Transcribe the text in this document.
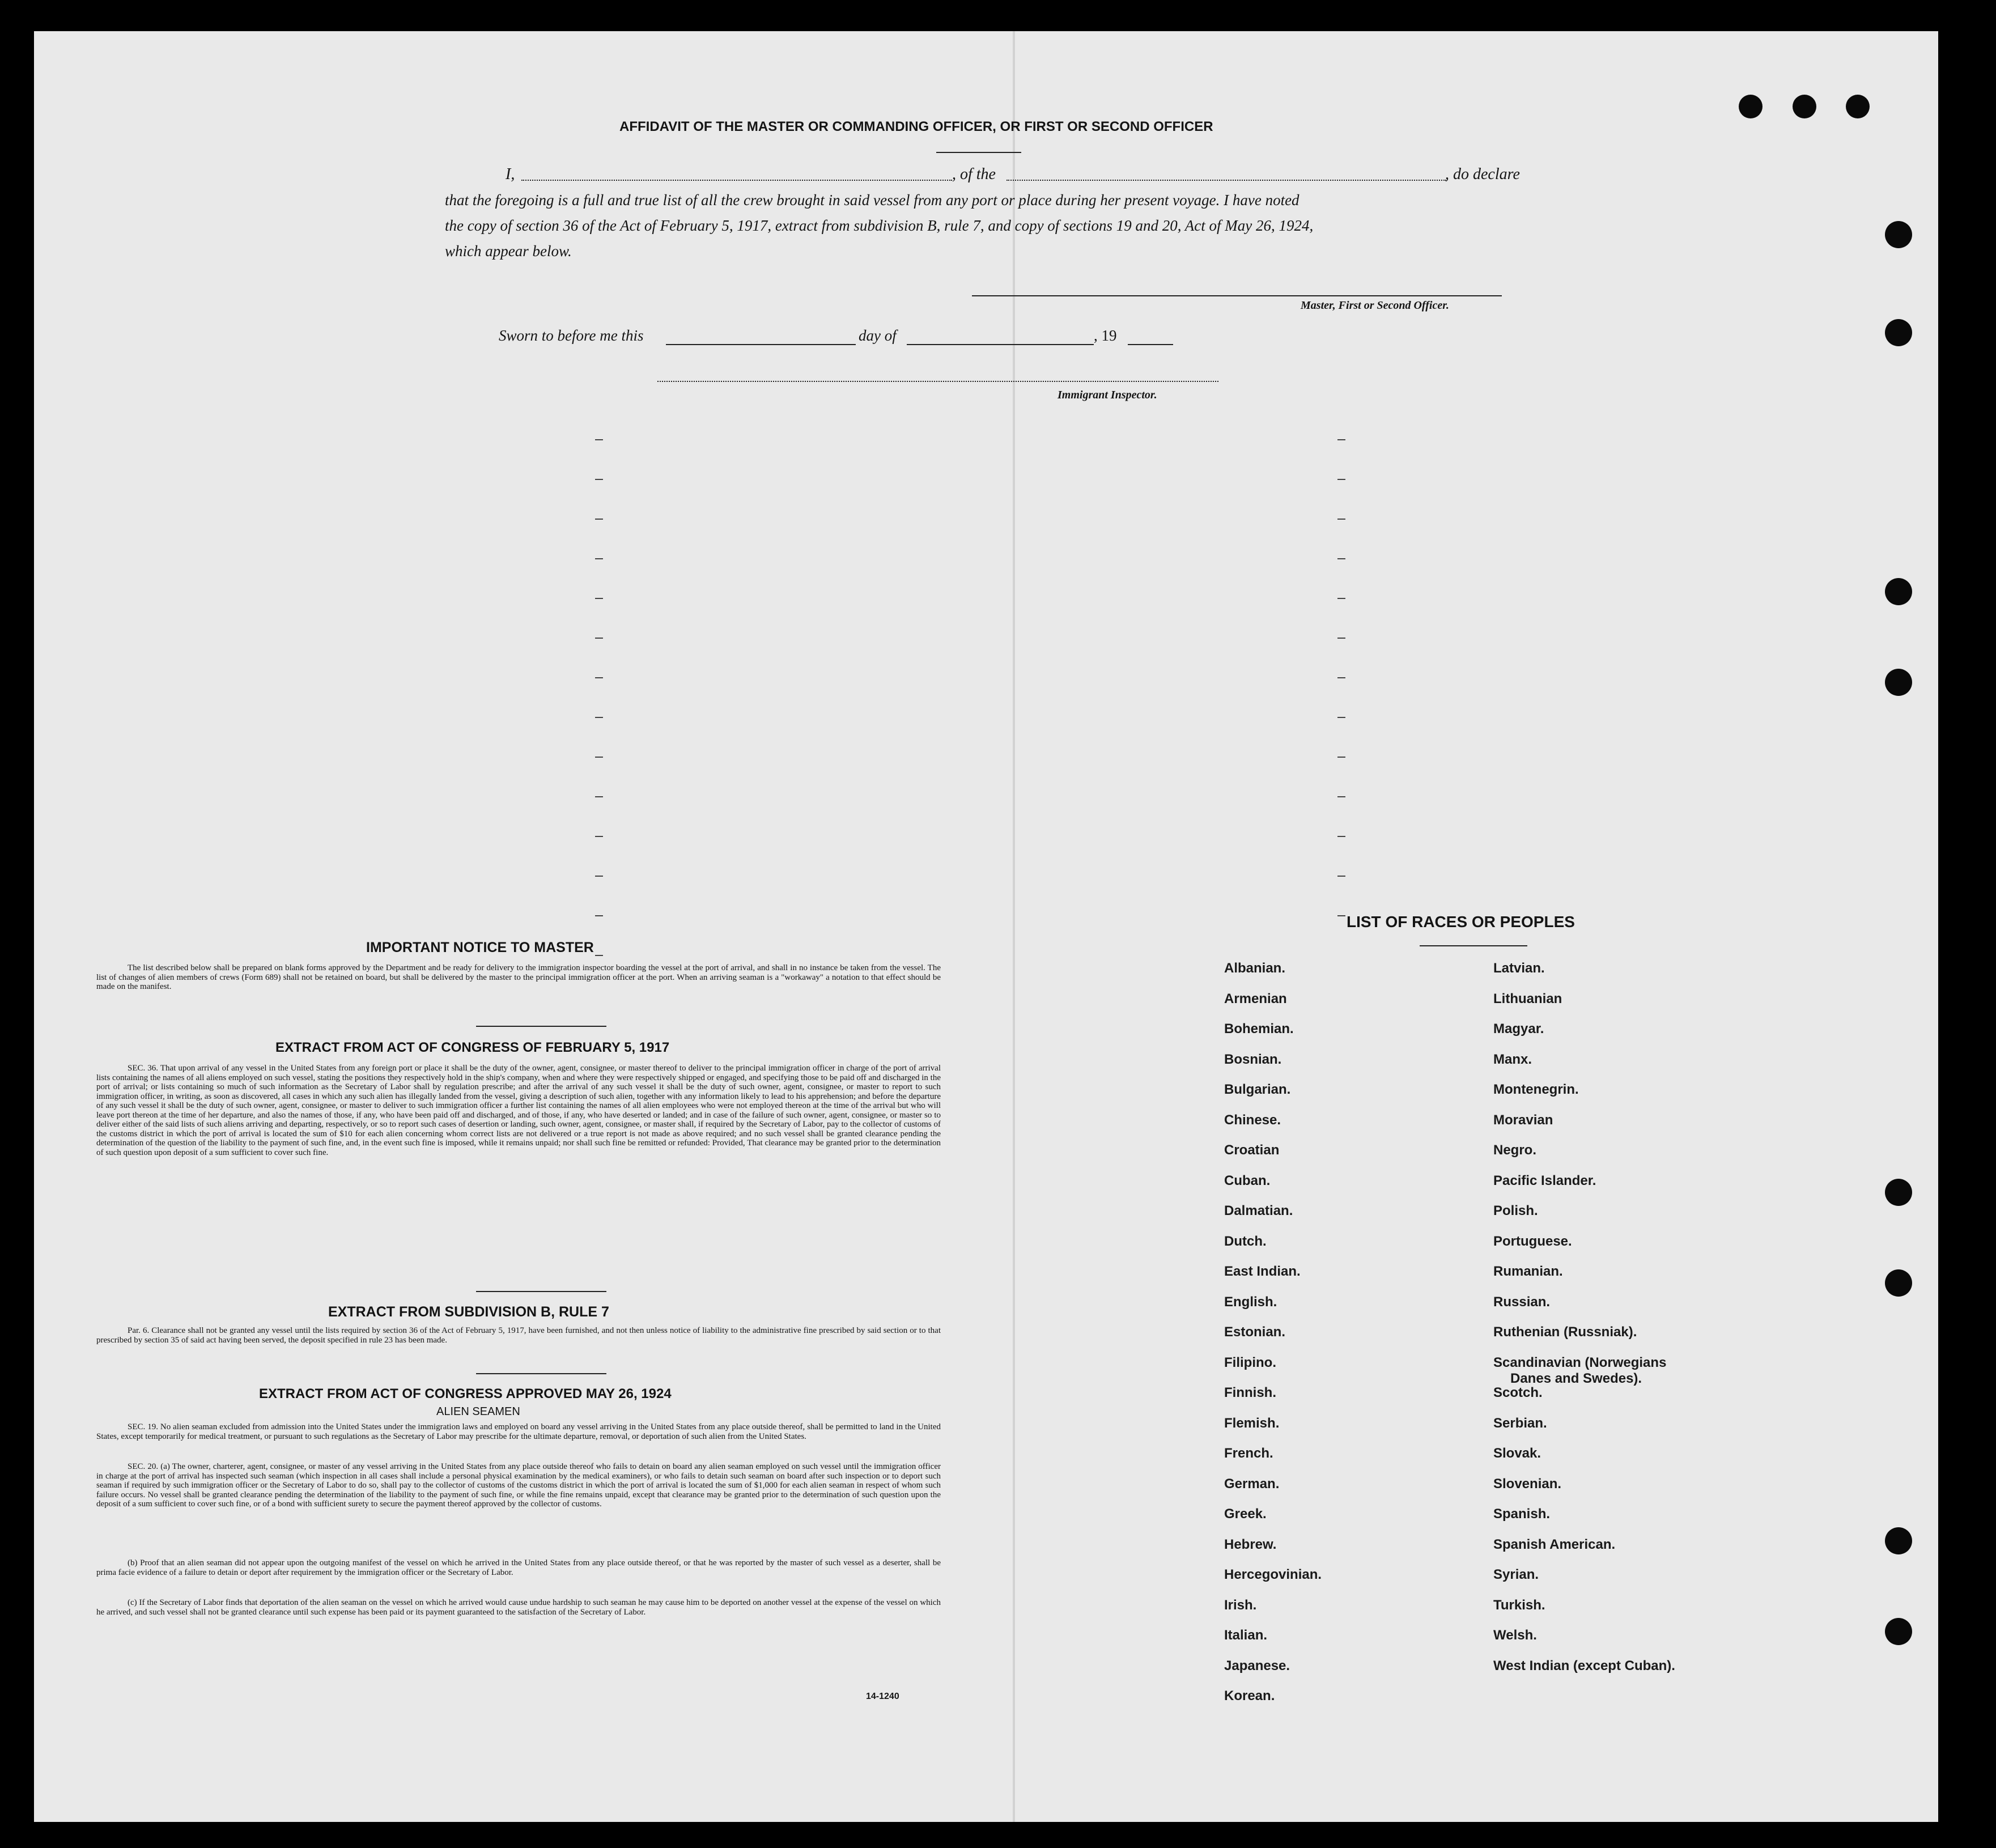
AFFIDAVIT OF THE MASTER OR COMMANDING OFFICER, OR FIRST OR SECOND OFFICER
I,	, of the	, do declare
that the foregoing is a full and true list of all the crew brought in said vessel from any port or place during her present voyage. I have noted
the copy of section 36 of the Act of February 5, 1917, extract from subdivision B, rule 7, and copy of sections 19 and 20, Act of May 26, 1924,
which appear below.
Master, First or Second Officer.
Sworn to before me this	day of	, 19
Immigrant Inspector.
IMPORTANT NOTICE TO MASTER
The list described below shall be prepared on blank forms approved by the Department and be ready for delivery to the immigration inspector boarding the vessel at the port of arrival, and shall in no instance be taken from the vessel. The list of changes of alien members of crews (Form 689) shall not be retained on board, but shall be delivered by the master to the principal immigration officer at the port. When an arriving seaman is a "workaway" a notation to that effect should be made on the manifest.
EXTRACT FROM ACT OF CONGRESS OF FEBRUARY 5, 1917
SEC. 36. That upon arrival of any vessel in the United States from any foreign port or place it shall be the duty of the owner, agent, consignee, or master thereof to deliver to the principal immigration officer in charge of the port of arrival lists containing the names of all aliens employed on such vessel, stating the positions they respectively hold in the ship's company, when and where they were respectively shipped or engaged, and specifying those to be paid off and discharged in the port of arrival; or lists containing so much of such information as the Secretary of Labor shall by regulation prescribe; and after the arrival of any such vessel it shall be the duty of such owner, agent, consignee, or master to report to such immigration officer, in writing, as soon as discovered, all cases in which any such alien has illegally landed from the vessel, giving a description of such alien, together with any information likely to lead to his apprehension; and before the departure of any such vessel it shall be the duty of such owner, agent, consignee, or master to deliver to such immigration officer a further list containing the names of all alien employees who were not employed thereon at the time of the arrival but who will leave port thereon at the time of her departure, and also the names of those, if any, who have been paid off and discharged, and of those, if any, who have deserted or landed; and in case of the failure of such owner, agent, consignee, or master so to deliver either of the said lists of such aliens arriving and departing, respectively, or so to report such cases of desertion or landing, such owner, agent, consignee, or master shall, if required by the Secretary of Labor, pay to the collector of customs of the customs district in which the port of arrival is located the sum of $10 for each alien concerning whom correct lists are not delivered or a true report is not made as above required; and no such vessel shall be granted clearance pending the determination of the question of the liability to the payment of such fine, and, in the event such fine is imposed, while it remains unpaid; nor shall such fine be remitted or refunded: Provided, That clearance may be granted prior to the determination of such question upon deposit of a sum sufficient to cover such fine.
EXTRACT FROM SUBDIVISION B, RULE 7
Par. 6. Clearance shall not be granted any vessel until the lists required by section 36 of the Act of February 5, 1917, have been furnished, and not then unless notice of liability to the administrative fine prescribed by said section or to that prescribed by section 35 of said act having been served, the deposit specified in rule 23 has been made.
EXTRACT FROM ACT OF CONGRESS APPROVED MAY 26, 1924
ALIEN SEAMEN
SEC. 19. No alien seaman excluded from admission into the United States under the immigration laws and employed on board any vessel arriving in the United States from any place outside thereof, shall be permitted to land in the United States, except temporarily for medical treatment, or pursuant to such regulations as the Secretary of Labor may prescribe for the ultimate departure, removal, or deportation of such alien from the United States.
SEC. 20. (a) The owner, charterer, agent, consignee, or master of any vessel arriving in the United States from any place outside thereof who fails to detain on board any alien seaman employed on such vessel until the immigration officer in charge at the port of arrival has inspected such seaman (which inspection in all cases shall include a personal physical examination by the medical examiners), or who fails to detain such seaman on board after such inspection or to deport such seaman if required by such immigration officer or the Secretary of Labor to do so, shall pay to the collector of customs of the customs district in which the port of arrival is located the sum of $1,000 for each alien seaman in respect of whom such failure occurs. No vessel shall be granted clearance pending the determination of the liability to the payment of such fine, or while the fine remains unpaid, except that clearance may be granted prior to the determination of such question upon the deposit of a sum sufficient to cover such fine, or of a bond with sufficient surety to secure the payment thereof approved by the collector of customs.
(b) Proof that an alien seaman did not appear upon the outgoing manifest of the vessel on which he arrived in the United States from any place outside thereof, or that he was reported by the master of such vessel as a deserter, shall be prima facie evidence of a failure to detain or deport after requirement by the immigration officer or the Secretary of Labor.
(c) If the Secretary of Labor finds that deportation of the alien seaman on the vessel on which he arrived would cause undue hardship to such seaman he may cause him to be deported on another vessel at the expense of the vessel on which he arrived, and such vessel shall not be granted clearance until such expense has been paid or its payment guaranteed to the satisfaction of the Secretary of Labor.
14-1240
LIST OF RACES OR PEOPLES
Albanian.
Armenian
Bohemian.
Bosnian.
Bulgarian.
Chinese.
Croatian
Cuban.
Dalmatian.
Dutch.
East Indian.
English.
Estonian.
Filipino.
Finnish.
Flemish.
French.
German.
Greek.
Hebrew.
Hercegovinian.
Irish.
Italian.
Japanese.
Korean.
Latvian.
Lithuanian
Magyar.
Manx.
Montenegrin.
Moravian
Negro.
Pacific Islander.
Polish.
Portuguese.
Rumanian.
Russian.
Ruthenian (Russniak).
Scandinavian (Norwegians
Danes and Swedes).
Scotch.
Serbian.
Slovak.
Slovenian.
Spanish.
Spanish American.
Syrian.
Turkish.
Welsh.
West Indian (except Cuban).
